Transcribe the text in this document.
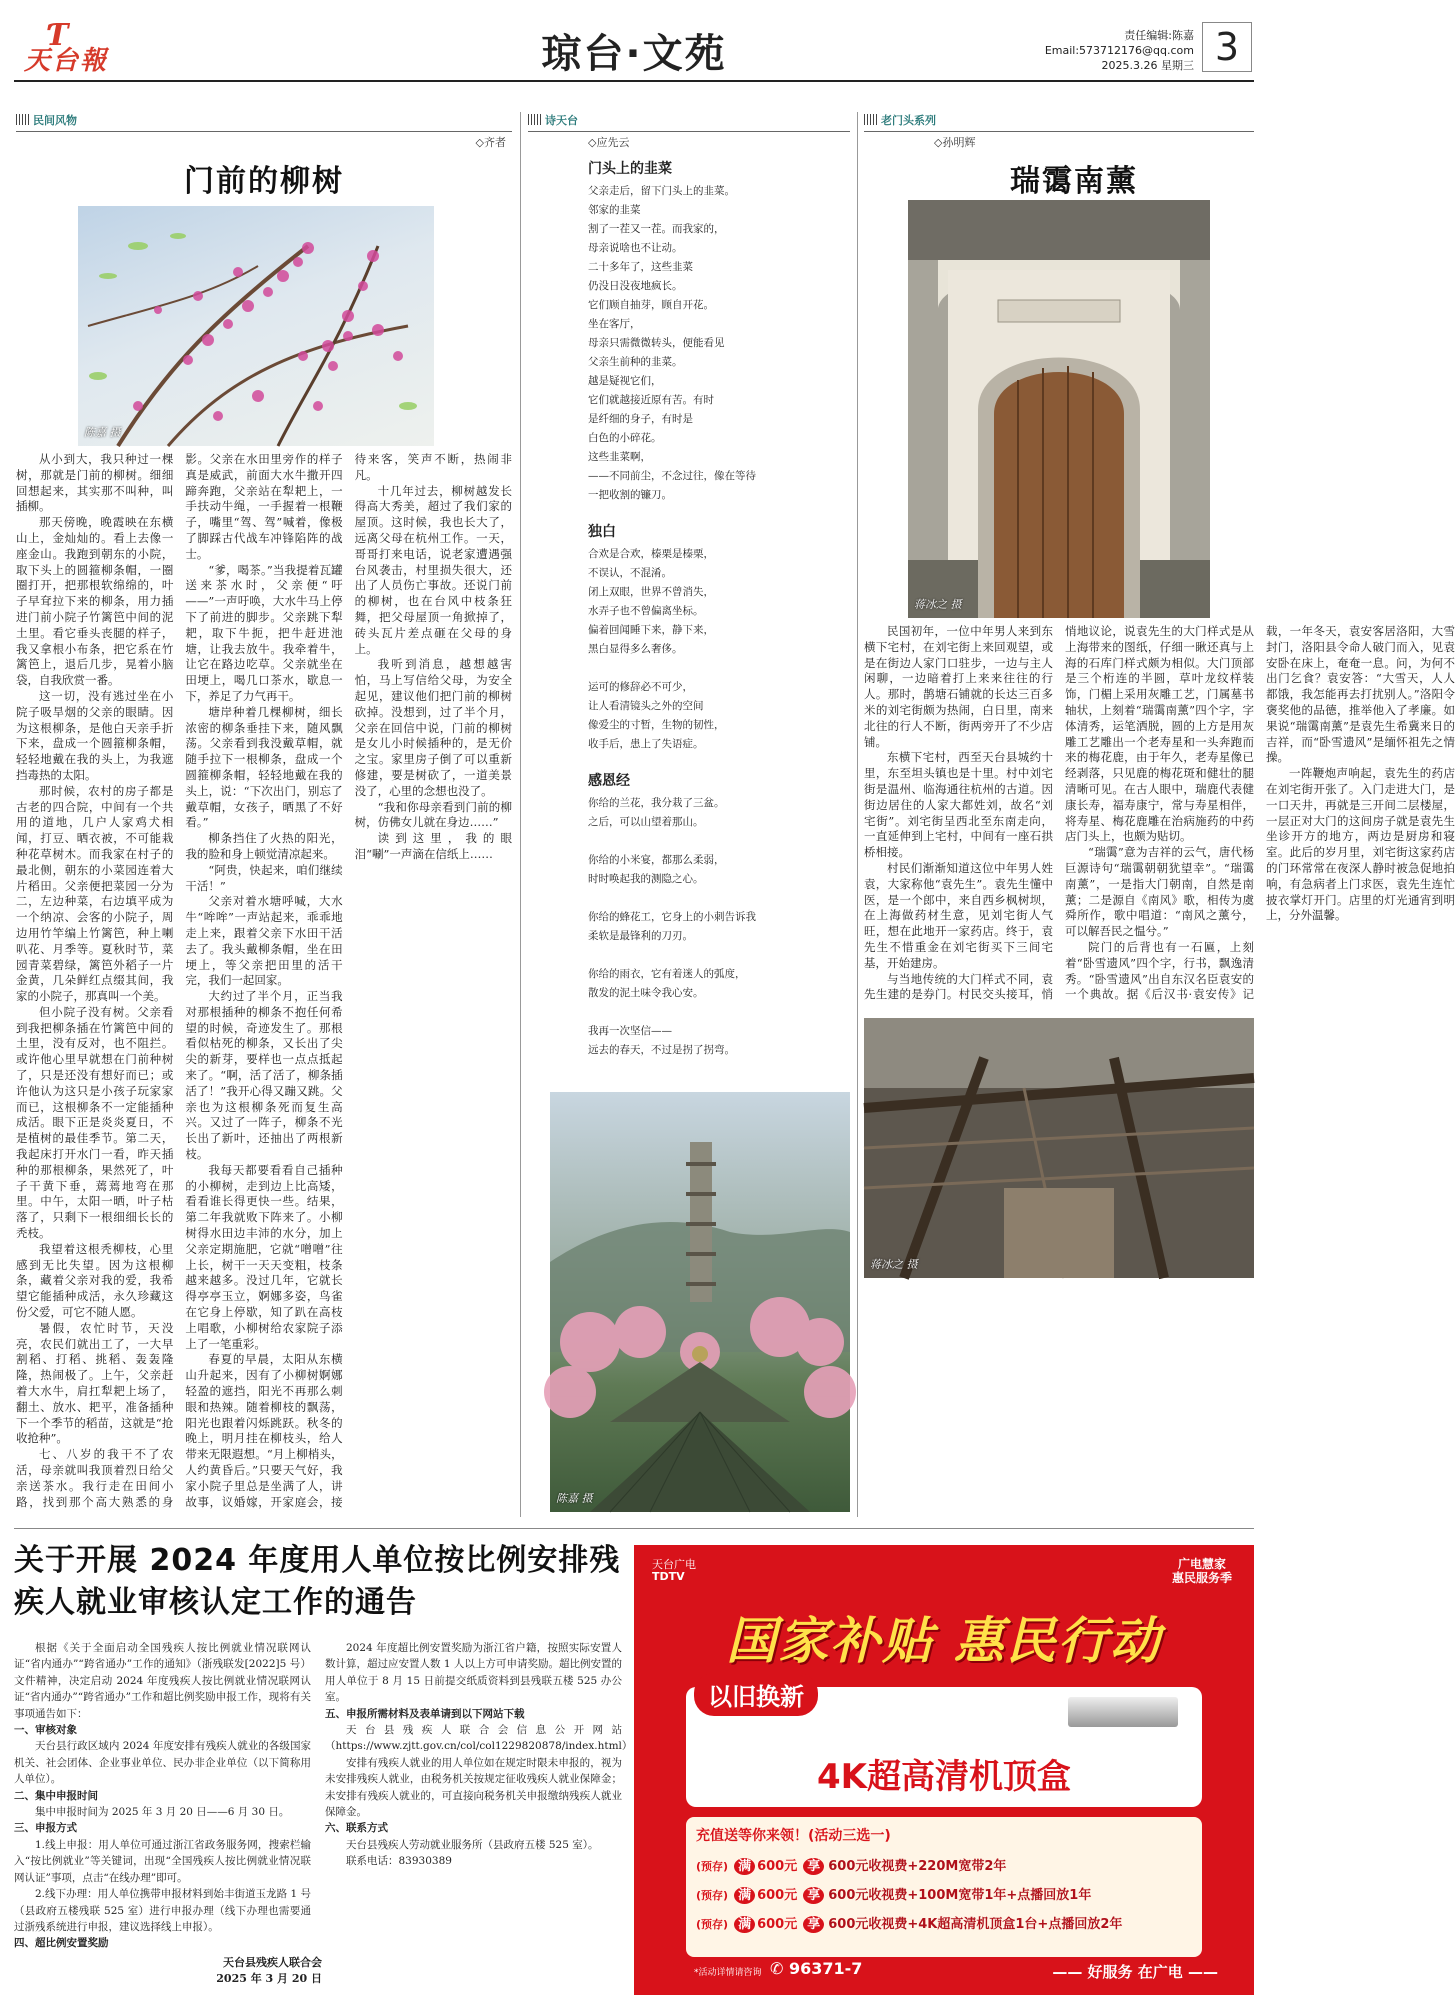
Ƭ
天台報	琼台·文苑	责任编辑:陈嘉
Email:573712176@qq.com
2025.3.26 星期三 3
民间风物
◇齐者
门前的柳树
陈嘉 摄

从小到大，我只种过一棵树，那就是门前的柳树。细细回想起来，其实那不叫种，叫插柳。

那天傍晚，晚霞映在东横山上，金灿灿的。看上去像一座金山。我跑到朝东的小院，取下头上的圆箍柳条帽，一圈圈打开，把那根软绵绵的，叶子早耷拉下来的柳条，用力插进门前小院子竹篱笆中间的泥土里。看它垂头丧腿的样子，我又拿根小布条，把它系在竹篱笆上，退后几步，晃着小脑袋，自我欣赏一番。

这一切，没有逃过坐在小院子吸旱烟的父亲的眼睛。因为这根柳条，是他白天亲手折下来，盘成一个圆箍柳条帽，轻轻地戴在我的头上，为我遮挡毒热的太阳。

那时候，农村的房子都是古老的四合院，中间有一个共用的道地，几户人家鸡犬相闻，打豆、晒衣被，不可能栽种花草树木。而我家在村子的最北侧，朝东的小菜园连着大片稻田。父亲便把菜园一分为二，左边种菜，右边填平成为一个纳凉、会客的小院子，周边用竹竿编上竹篱笆，种上喇叭花、月季等。夏秋时节，菜园青菜碧绿，篱笆外稻子一片金黄，几朵鲜红点缀其间，我家的小院子，那真叫一个美。

但小院子没有树。父亲看到我把柳条插在竹篱笆中间的土里，没有反对，也不阻拦。或许他心里早就想在门前种树了，只是还没有想好而已；或许他认为这只是小孩子玩家家而已，这根柳条不一定能插种成活。眼下正是炎炎夏日，不是植树的最佳季节。第二天，我起床打开水门一看，昨天插种的那根柳条，果然死了，叶子干黄下垂，蔫蔫地弯在那里。中午，太阳一晒，叶子枯落了，只剩下一根细细长长的秃枝。

我望着这根秃柳枝，心里感到无比失望。因为这根柳条，藏着父亲对我的爱，我希望它能插种成活，永久珍藏这份父爱，可它不随人愿。

暑假，农忙时节，天没亮，农民们就出工了，一大早割稻、打稻、挑稻、轰轰隆隆，热闹极了。上午，父亲赶着大水牛，肩扛犁耙上场了，翻土、放水、耙平，准备插种下一个季节的稻苗，这就是“抢收抢种”。

七、八岁的我干不了农活，母亲就叫我顶着烈日给父亲送茶水。我行走在田间小路，找到那个高大熟悉的身影。父亲在水田里旁作的样子真是威武，前面大水牛撒开四蹄奔跑，父亲站在犁耙上，一手扶动牛绳，一手握着一根鞭子，嘴里“驾、驾”喊着，像极了脚踩古代战车冲锋陷阵的战士。

“爹，喝茶。”当我提着瓦罐送来茶水时，父亲便“吁——”一声吁唤，大水牛马上停下了前进的脚步。父亲跳下犁耙，取下牛扼，把牛赶进池塘，让我去放牛。我牵着牛，让它在路边吃草。父亲就坐在田埂上，喝几口茶水，歇息一下，养足了力气再干。

塘岸种着几棵柳树，细长浓密的柳条垂挂下来，随风飘荡。父亲看到我没戴草帽，就随手拉下一根柳条，盘成一个圆箍柳条帽，轻轻地戴在我的头上，说：“下次出门，别忘了戴草帽，女孩子，晒黑了不好看。”

柳条挡住了火热的阳光，我的脸和身上顿觉清凉起来。

“阿贵，快起来，咱们继续干活！”

父亲对着水塘呼喊，大水牛“哞哞”一声站起来，乖乖地走上来，跟着父亲下水田干活去了。我头戴柳条帽，坐在田埂上，等父亲把田里的活干完，我们一起回家。

大约过了半个月，正当我对那根插种的柳条不抱任何希望的时候，奇迹发生了。那根看似枯死的柳条，又长出了尖尖的新芽，要样也一点点抵起来了。“啊，活了活了，柳条插活了！”我开心得又蹦又跳。父亲也为这根柳条死而复生高兴。又过了一阵子，柳条不光长出了新叶，还抽出了两根新枝。

我每天都要看看自己插种的小柳树，走到边上比高矮，看看谁长得更快一些。结果，第二年我就败下阵来了。小柳树得水田边丰沛的水分，加上父亲定期施肥，它就“噌噌”往上长，树干一天天变粗，枝条越来越多。没过几年，它就长得亭亭玉立，婀娜多姿，鸟雀在它身上停歇，知了趴在高枝上唱歌，小柳树给农家院子添上了一笔重彩。

春夏的早晨，太阳从东横山升起来，因有了小柳树婀娜轻盈的遮挡，阳光不再那么刺眼和热辣。随着柳枝的飘荡，阳光也跟着闪烁跳跃。秋冬的晚上，明月挂在柳枝头，给人带来无限遐想。“月上柳梢头，人约黄昏后。”只要天气好，我家小院子里总是坐满了人，讲故事，议婚嫁，开家庭会，接待来客，笑声不断，热闹非凡。

十几年过去，柳树越发长得高大秀美，超过了我们家的屋顶。这时候，我也长大了，远离父母在杭州工作。一天，哥哥打来电话，说老家遭遇强台风袭击，村里损失很大，还出了人员伤亡事故。还说门前的柳树，也在台风中枝条狂舞，把父母屋顶一角掀掉了，砖头瓦片差点砸在父母的身上。

我听到消息，越想越害怕，马上写信给父母，为安全起见，建议他们把门前的柳树砍掉。没想到，过了半个月，父亲在回信中说，门前的柳树是女儿小时候插种的，是无价之宝。家里房子倒了可以重新修建，要是树砍了，一道美景没了，心里的念想也没了。

“我和你母亲看到门前的柳树，仿佛女儿就在身边……”

读到这里，我的眼泪“唰”一声滴在信纸上……

诗天台
◇应先云
门头上的韭菜
父亲走后，留下门头上的韭菜。
邻家的韭菜
割了一茬又一茬。而我家的，
母亲说啥也不让动。
二十多年了，这些韭菜
仍没日没夜地疯长。
它们顾自抽芽，顾自开花。
坐在客厅，
母亲只需微微转头，便能看见
父亲生前种的韭菜。
越是疑视它们，
它们就越接近原有苦。有时
是纤细的身子，有时是
白色的小碎花。
这些韭菜啊，
——不同前尘，不念过往，像在等待
一把收割的镰刀。
独白
合欢是合欢，榛栗是榛栗，
不误认，不混淆。
闭上双眼，世界不曾消失，
水弄子也不曾偏离坐标。
偏着回闻睡下来，静下来，
黑白显得多么奢侈。

运可的修辞必不可少，
让人看清镜头之外的空间
像爱尘的寸暂，生物的韧性，
收手后，患上了失语症。
感恩经
你给的兰花，我分栽了三盆。
之后，可以山望着那山。

你给的小米宴，都那么柔弱，
时时唤起我的测隐之心。

你给的蜂花工，它身上的小刺告诉我
柔软是最锋利的刀刃。

你给的雨衣，它有着迷人的弧度，
散发的泥土味令我心安。

我再一次坚信——
远去的春天，不过是拐了拐弯。
陈嘉 摄
老门头系列
◇孙明辉
瑞霭南薰
蒋冰之 摄

民国初年，一位中年男人来到东横下宅村，在刘宅街上来回观望，或是在街边人家门口驻步，一边与主人闲聊，一边暗着打上来来往往的行人。那时，鹊塘石铺就的长达三百多米的刘宅街颇为热闹，白日里，南来北往的行人不断，街两旁开了不少店铺。

东横下宅村，西至天台县城约十里，东至坦头镇也是十里。村中刘宅街是温州、临海通往杭州的古道。因街边居住的人家大都姓刘，故名“刘宅街”。刘宅街呈西北至东南走向，一直延伸到上宅村，中间有一座石拱桥相接。

村民们渐渐知道这位中年男人姓袁，大家称他“袁先生”。袁先生懂中医，是一个郎中，来自西乡枫树坝，在上海做药材生意，见刘宅街人气旺，想在此地开一家药店。终于，袁先生不惜重金在刘宅街买下三间宅基，开始建房。

与当地传统的大门样式不同，袁先生建的是券门。村民交头接耳，悄悄地议论，说袁先生的大门样式是从上海带来的图纸，仔细一瞅还真与上海的石库门样式颇为相似。大门顶部是三个桁连的半圆，草叶龙纹样装饰，门楣上采用灰雕工艺，门属墓书轴状，上刻着“瑞霭南薰”四个字，字体清秀，运笔洒脱，圆的上方是用灰雕工艺雕出一个老寿星和一头奔跑而来的梅花鹿，由于年久，老寿星像已经剥落，只见鹿的梅花斑和健壮的腿清晰可见。在古人眼中，瑞鹿代表健康长寿，福寿康宁，常与寿星相伴，将寿星、梅花鹿雕在治病施药的中药店门头上，也颇为贴切。

“瑞霭”意为吉祥的云气，唐代杨巨源诗句“瑞霭朝朝犹望幸”。“瑞霭南薰”，一是指大门朝南，自然是南薰；二是源自《南风》歌，相传为虞舜所作，歌中唱道：“南风之薰兮，可以解吾民之愠兮。”

院门的后背也有一石匾，上刻着“卧雪遗风”四个字，行书，飘逸清秀。“卧雪遗风”出自东汉名臣袁安的一个典故。据《后汉书·袁安传》记载，一年冬天，袁安客居洛阳，大雪封门，洛阳县令命人破门而入，见袁安卧在床上，奄奄一息。问，为何不出门乞食？袁安答：“大雪天，人人都饿，我怎能再去打扰别人。”洛阳令褒奖他的品德，推举他入了孝廉。如果说“瑞霭南薰”是袁先生希冀来日的吉祥，而“卧雪遗风”是缅怀祖先之情操。

一阵鞭炮声响起，袁先生的药店在刘宅街开张了。入门走进大门，是一口天井，再就是三开间二层楼屋，一层正对大门的这间房子就是袁先生坐诊开方的地方，两边是厨房和寝室。此后的岁月里，刘宅街这家药店的门环常常在夜深人静时被急促地拍响，有急病者上门求医，袁先生连忙披衣掌灯开门。店里的灯光通宵到明上，分外温馨。

蒋冰之 摄
关于开展 2024 年度用人单位按比例安排残疾人就业审核认定工作的通告

根据《关于全面启动全国残疾人按比例就业情况联网认证“省内通办”“跨省通办”工作的通知》（浙残联发[2022]5 号）文件精神，决定启动 2024 年度残疾人按比例就业情况联网认证“省内通办”“跨省通办”工作和超比例奖励申报工作，现将有关事项通告如下：

一、审核对象

天台县行政区域内 2024 年度安排有残疾人就业的各级国家机关、社会团体、企业事业单位、民办非企业单位（以下简称用人单位）。

二、集中申报时间

集中申报时间为 2025 年 3 月 20 日——6 月 30 日。

三、申报方式

1.线上申报：用人单位可通过浙江省政务服务网，搜索栏输入“按比例就业”等关键词，出现“全国残疾人按比例就业情况联网认证”事项，点击“在线办理”即可。

2.线下办理：用人单位携带申报材料到始丰街道玉龙路 1 号（县政府五楼残联 525 室）进行申报办理（线下办理也需要通过浙残系统进行申报，建议选择线上申报）。

四、超比例安置奖励

2024 年度超比例安置奖励为浙江省户籍，按照实际安置人数计算，超过应安置人数 1 人以上方可申请奖励。超比例安置的用人单位于 8 月 15 日前提交纸质资料到县残联五楼 525 办公室。

五、申报所需材料及表单请到以下网站下载

天台县残疾人联合会信息公开网站（https://www.zjtt.gov.cn/col/col1229820878/index.html）

安排有残疾人就业的用人单位如在规定时限未申报的，视为未安排残疾人就业，由税务机关按规定征收残疾人就业保障金；未安排有残疾人就业的，可直接向税务机关申报缴纳残疾人就业保障金。

六、联系方式

天台县残疾人劳动就业服务所（县政府五楼 525 室）。

联系电话：83930389

天台县残疾人联合会
2025 年 3 月 20 日
天台广电
TDTV
广电慧家
惠民服务季
国家补贴 惠民行动
以旧换新
4K超高清机顶盒
充值送等你来领！(活动三选一)
(预存) 满 600元 享 600元收视费+220M宽带2年
(预存) 满 600元 享 600元收视费+100M宽带1年+点播回放1年
(预存) 满 600元 享 600元收视费+4K超高清机顶盒1台+点播回放2年
*活动详情请咨询 ✆ 96371-7	—— 好服务 在广电 ——
